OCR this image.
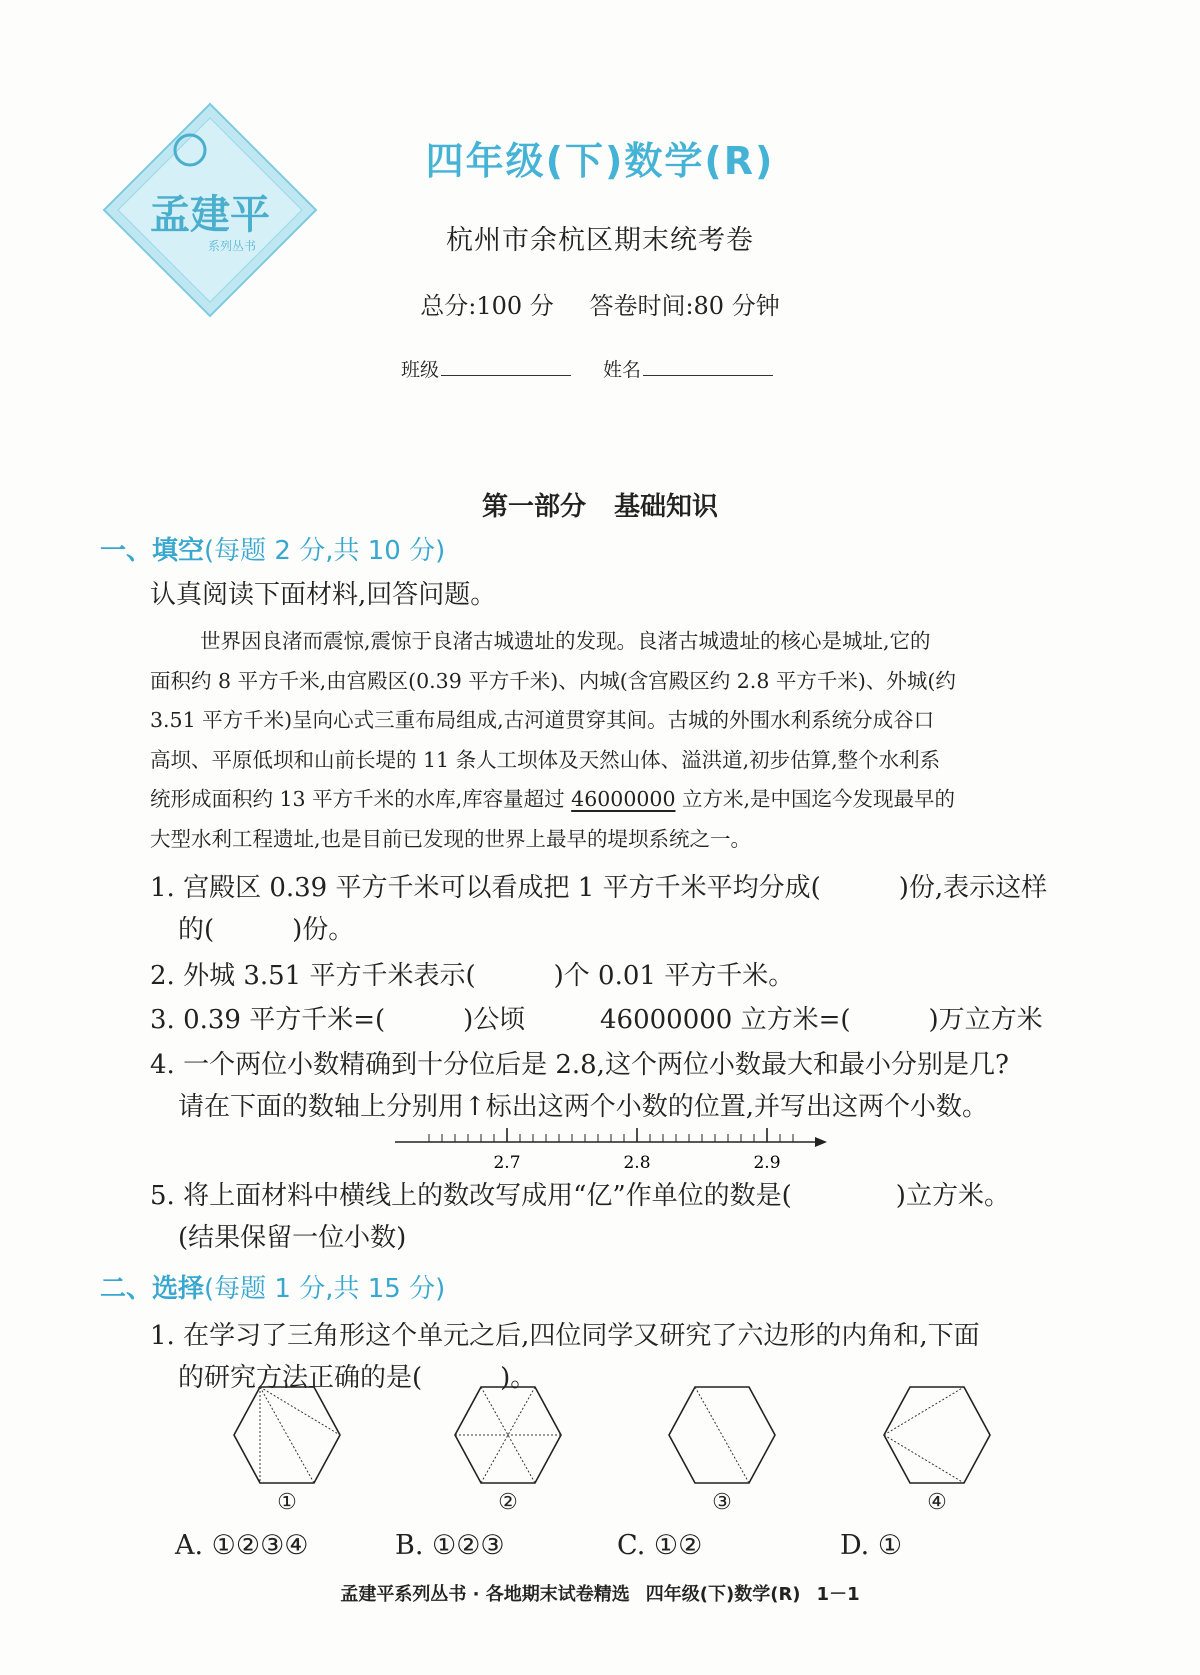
孟建平
系列丛书
四年级(下)数学(R)
杭州市余杭区期末统考卷
总分:100 分 答卷时间:80 分钟
班级	姓名
第一部分 基础知识
一、填空(每题 2 分,共 10 分)
认真阅读下面材料,回答问题。
世界因良渚而震惊,震惊于良渚古城遗址的发现。良渚古城遗址的核心是城址,它的
面积约 8 平方千米,由宫殿区(0.39 平方千米)、内城(含宫殿区约 2.8 平方千米)、外城(约
3.51 平方千米)呈向心式三重布局组成,古河道贯穿其间。古城的外围水利系统分成谷口
高坝、平原低坝和山前长堤的 11 条人工坝体及天然山体、溢洪道,初步估算,整个水利系
统形成面积约 13 平方千米的水库,库容量超过 46000000 立方米,是中国迄今发现最早的
大型水利工程遗址,也是目前已发现的世界上最早的堤坝系统之一。
1. 宫殿区 0.39 平方千米可以看成把 1 平方千米平均分成(　　　)份,表示这样
的(　　　)份。
2. 外城 3.51 平方千米表示(　　　)个 0.01 平方千米。
3. 0.39 平方千米=(　　　)公顷	46000000 立方米=(　　　)万立方米
4. 一个两位小数精确到十分位后是 2.8,这个两位小数最大和最小分别是几?
请在下面的数轴上分别用↑标出这两个小数的位置,并写出这两个小数。
2.7	2.8	2.9
5. 将上面材料中横线上的数改写成用“亿”作单位的数是(　　　　)立方米。
(结果保留一位小数)
二、选择(每题 1 分,共 15 分)
1. 在学习了三角形这个单元之后,四位同学又研究了六边形的内角和,下面
的研究方法正确的是(　　　)。
①	②	③	④
A. ①②③④	B. ①②③	C. ①②	D. ①
孟建平系列丛书 · 各地期末试卷精选 四年级(下)数学(R) 1－1
